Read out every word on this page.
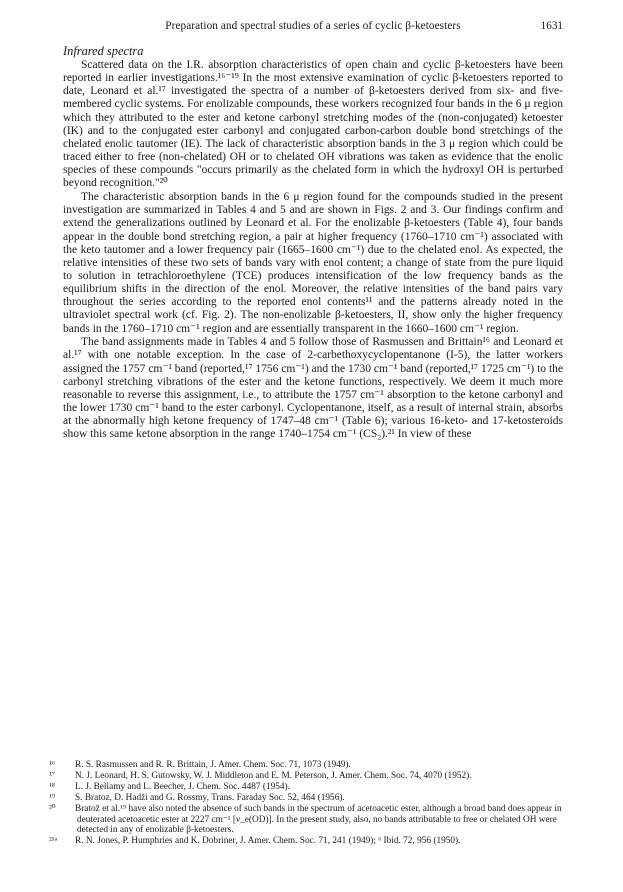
Preparation and spectral studies of a series of cyclic β-ketoesters	1631
Infrared spectra

Scattered data on the I.R. absorption characteristics of open chain and cyclic β-ketoesters have been reported in earlier investigations.¹⁶⁻¹⁹ In the most extensive examination of cyclic β-ketoesters reported to date, Leonard et al.¹⁷ investigated the spectra of a number of β-ketoesters derived from six- and five-membered cyclic systems. For enolizable compounds, these workers recognized four bands in the 6 μ region which they attributed to the ester and ketone carbonyl stretching modes of the (non-conjugated) ketoester (IK) and to the conjugated ester carbonyl and conjugated carbon-carbon double bond stretchings of the chelated enolic tautomer (IE). The lack of characteristic absorption bands in the 3 μ region which could be traced either to free (non-chelated) OH or to chelated OH vibrations was taken as evidence that the enolic species of these compounds "occurs primarily as the chelated form in which the hydroxyl OH is perturbed beyond recognition."²⁰

The characteristic absorption bands in the 6 μ region found for the compounds studied in the present investigation are summarized in Tables 4 and 5 and are shown in Figs. 2 and 3. Our findings confirm and extend the generalizations outlined by Leonard et al. For the enolizable β-ketoesters (Table 4), four bands appear in the double bond stretching region, a pair at higher frequency (1760–1710 cm⁻¹) associated with the keto tautomer and a lower frequency pair (1665–1600 cm⁻¹) due to the chelated enol. As expected, the relative intensities of these two sets of bands vary with enol content; a change of state from the pure liquid to solution in tetrachloroethylene (TCE) produces intensification of the low frequency bands as the equilibrium shifts in the direction of the enol. Moreover, the relative intensities of the band pairs vary throughout the series according to the reported enol contents¹¹ and the patterns already noted in the ultraviolet spectral work (cf. Fig. 2). The non-enolizable β-ketoesters, II, show only the higher frequency bands in the 1760–1710 cm⁻¹ region and are essentially transparent in the 1660–1600 cm⁻¹ region.

The band assignments made in Tables 4 and 5 follow those of Rasmussen and Brittain¹⁶ and Leonard et al.¹⁷ with one notable exception. In the case of 2-carbethoxycyclopentanone (I-5), the latter workers assigned the 1757 cm⁻¹ band (reported,¹⁷ 1756 cm⁻¹) and the 1730 cm⁻¹ band (reported,¹⁷ 1725 cm⁻¹) to the carbonyl stretching vibrations of the ester and the ketone functions, respectively. We deem it much more reasonable to reverse this assignment, i.e., to attribute the 1757 cm⁻¹ absorption to the ketone carbonyl and the lower 1730 cm⁻¹ band to the ester carbonyl. Cyclopentanone, itself, as a result of internal strain, absorbs at the abnormally high ketone frequency of 1747–48 cm⁻¹ (Table 6); various 16-keto- and 17-ketosteroids show this same ketone absorption in the range 1740–1754 cm⁻¹ (CS₂).²¹ In view of these

¹⁶ R. S. Rasmussen and R. R. Brittain, J. Amer. Chem. Soc. 71, 1073 (1949).
¹⁷ N. J. Leonard, H. S. Gutowsky, W. J. Middleton and E. M. Peterson, J. Amer. Chem. Soc. 74, 4070 (1952).
¹⁸ L. J. Bellamy and L. Beecher, J. Chem. Soc. 4487 (1954).
¹⁹ S. Bratoz, D. Hadži and G. Rossmy, Trans. Faraday Soc. 52, 464 (1956).
²⁰ Bratož et al.¹⁹ have also noted the absence of such bands in the spectrum of acetoacetic ester, although a broad band does appear in deuterated acetoacetic ester at 2227 cm⁻¹ [ν_e(OD)]. In the present study, also, no bands attributable to free or chelated OH were detected in any of enolizable β-ketoesters.
²¹ᵃ R. N. Jones, P. Humphries and K. Dobriner, J. Amer. Chem. Soc. 71, 241 (1949); ᵇ Ibid. 72, 956 (1950).
